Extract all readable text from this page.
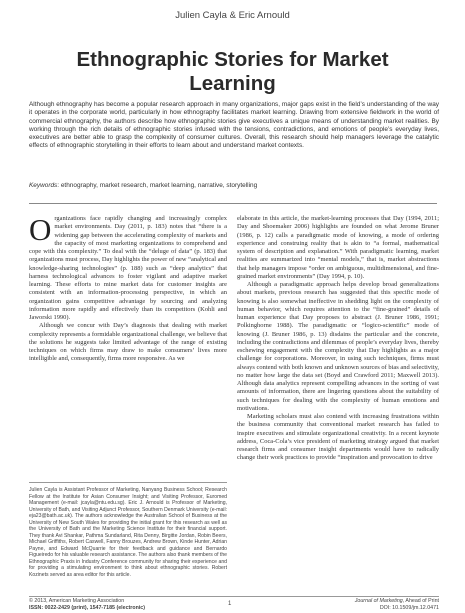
Julien Cayla & Eric Arnould
Ethnographic Stories for Market
Learning

Although ethnography has become a popular research approach in many organizations, major gaps exist in the field’s understanding of the way it operates in the corporate world, particularly in how ethnography facilitates market learning. Drawing from extensive fieldwork in the world of commercial ethnography, the authors describe how ethnographic stories give executives a unique means of understanding market realities. By working through the rich details of ethnographic stories infused with the tensions, contradictions, and emotions of people’s everyday lives, executives are better able to grasp the complexity of consumer cultures. Overall, this research should help managers leverage the catalytic effects of ethnographic storytelling in their efforts to learn about and understand market contexts.

Keywords: ethnography, market research, market learning, narrative, storytelling

Organizations face rapidly changing and increasingly complex market environments. Day (2011, p. 183) notes that “there is a widening gap between the accelerating complexity of markets and the capacity of most marketing organizations to comprehend and cope with this complexity.” To deal with the “deluge of data” (p. 183) that organizations must process, Day highlights the power of new “analytical and knowledge-sharing technologies” (p. 188) such as “deep analytics” that harness technological advances to foster vigilant and adaptive market learning. These efforts to mine market data for customer insights are consistent with an information-processing perspective, in which an organization gains competitive advantage by sourcing and analyzing information more rapidly and effectively than its competitors (Kohli and Jaworski 1990).

Although we concur with Day’s diagnosis that dealing with market complexity represents a formidable organizational challenge, we believe that the solutions he suggests take limited advantage of the range of existing techniques on which firms may draw to make consumers’ lives more intelligible and, consequently, firms more responsive. As we

Julien Cayla is Assistant Professor of Marketing, Nanyang Business School; Research Fellow at the Institute for Asian Consumer Insight; and Visiting Professor, Euromed Management (e-mail: jcayla@ntu.edu.sg). Eric J. Arnould is Professor of Marketing, University of Bath, and Visiting Adjunct Professor, Southern Denmark University (e-mail: eja23@bath.ac.uk). The authors acknowledge the Australian School of Business at the University of New South Wales for providing the initial grant for this research as well as the University of Bath and the Marketing Science Institute for their financial support. They thank Avi Shankar, Pathma Sundarland, Rita Denny, Birgitte Jordan, Robin Beers, Michael Griffiths, Robert Caswell, Fanny Brouzes, Andrew Brown, Kinde Hunter, Adrian Payne, and Edward McQuarrie for their feedback and guidance and Bernardo Figueiredo for his valuable research assistance. The authors also thank members of the Ethnographic Praxis in Industry Conference community for sharing their experience and for providing a stimulating environment to think about ethnographic stories. Robert Kozinets served as area editor for this article.

elaborate in this article, the market-learning processes that Day (1994, 2011; Day and Shoemaker 2006) highlights are founded on what Jerome Bruner (1986, p. 12) calls a paradigmatic mode of knowing, a mode of ordering experience and construing reality that is akin to “a formal, mathematical system of description and explanation.” With paradigmatic learning, market realities are summarized into “mental models,” that is, market abstractions that help managers impose “order on ambiguous, multidimensional, and fine-grained market environments” (Day 1994, p. 10).

Although a paradigmatic approach helps develop broad generalizations about markets, previous research has suggested that this specific mode of knowing is also somewhat ineffective in shedding light on the complexity of human behavior, which requires attention to the “fine-grained” details of human experience that Day proposes to abstract (J. Bruner 1986, 1991; Polkinghorne 1988). The paradigmatic or “logico-scientific” mode of knowing (J. Bruner 1986, p. 13) disdains the particular and the concrete, including the contradictions and dilemmas of people’s everyday lives, thereby eschewing engagement with the complexity that Day highlights as a major challenge for corporations. Moreover, in using such techniques, firms must always contend with both known and unknown sources of bias and selectivity, no matter how large the data set (Boyd and Crawford 2011; Maxwell 2013). Although data analytics represent compelling advances in the sorting of vast amounts of information, there are lingering questions about the suitability of such techniques for dealing with the complexity of human emotions and motivations.

Marketing scholars must also contend with increasing frustrations within the business community that conventional market research has failed to inspire executives and stimulate organizational creativity. In a recent keynote address, Coca-Cola’s vice president of marketing strategy argued that market research firms and consumer insight departments would have to radically change their work practices to provide “inspiration and provocation to drive

© 2013, American Marketing Association
ISSN: 0022-2429 (print), 1547-7185 (electronic)
1	Journal of Marketing, Ahead of Print
DOI: 10.1509/jm.12.0471
